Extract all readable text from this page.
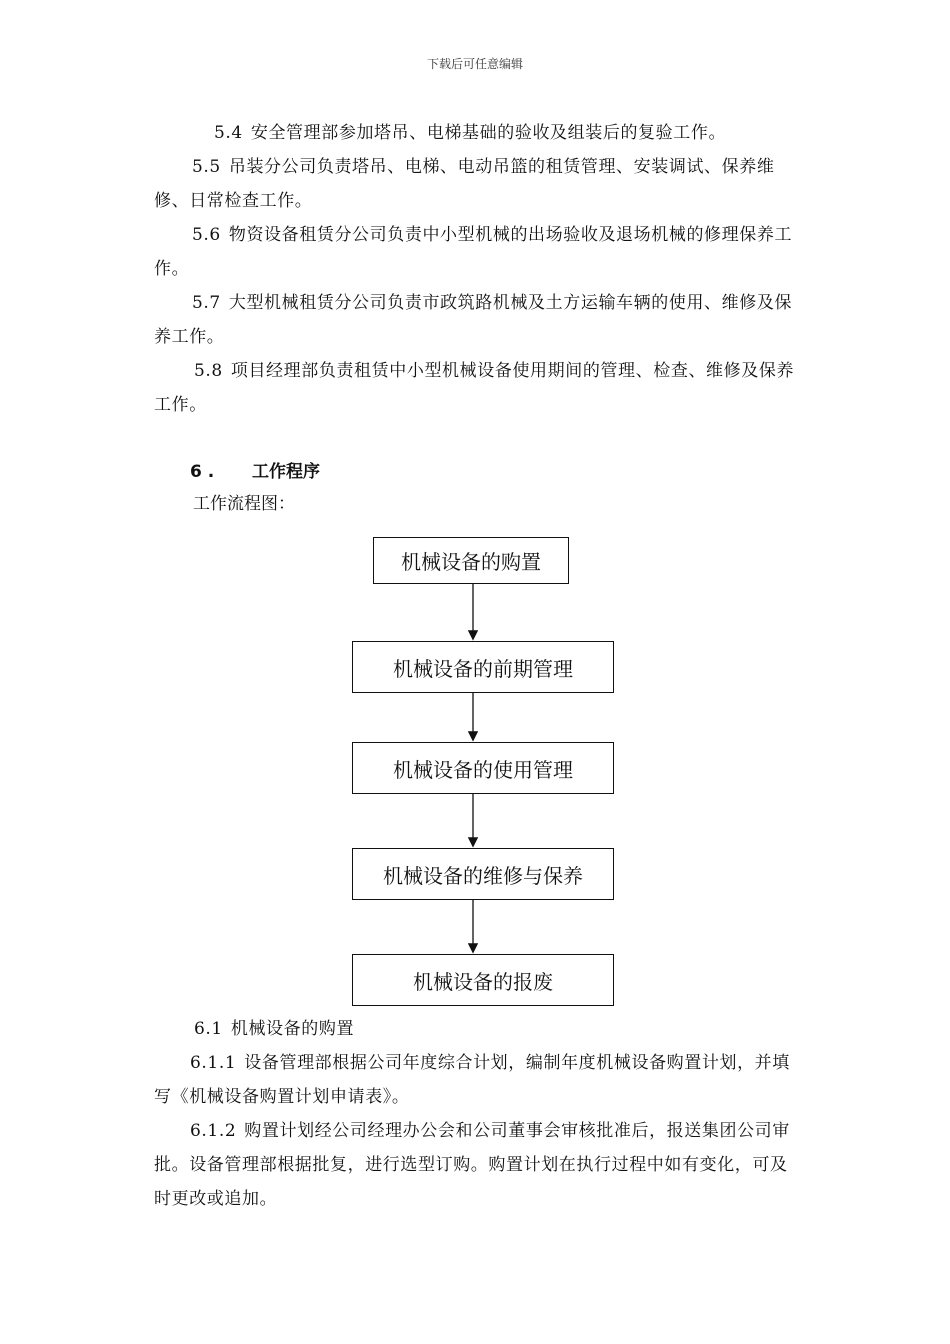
下载后可任意编辑

5.4 安全管理部参加塔吊、电梯基础的验收及组装后的复验工作。

5.5 吊装分公司负责塔吊、电梯、电动吊篮的租赁管理、安装调试、保养维修、日常检查工作。

5.6 物资设备租赁分公司负责中小型机械的出场验收及退场机械的修理保养工作。

5.7 大型机械租赁分公司负责市政筑路机械及土方运输车辆的使用、维修及保养工作。

5.8 项目经理部负责租赁中小型机械设备使用期间的管理、检查、维修及保养工作。

6 . 工作程序
工作流程图：
机械设备的购置
机械设备的前期管理
机械设备的使用管理
机械设备的维修与保养
机械设备的报废

6.1 机械设备的购置

6.1.1 设备管理部根据公司年度综合计划，编制年度机械设备购置计划，并填写《机械设备购置计划申请表》。

6.1.2 购置计划经公司经理办公会和公司董事会审核批准后，报送集团公司审批。设备管理部根据批复，进行选型订购。购置计划在执行过程中如有变化，可及时更改或追加。
